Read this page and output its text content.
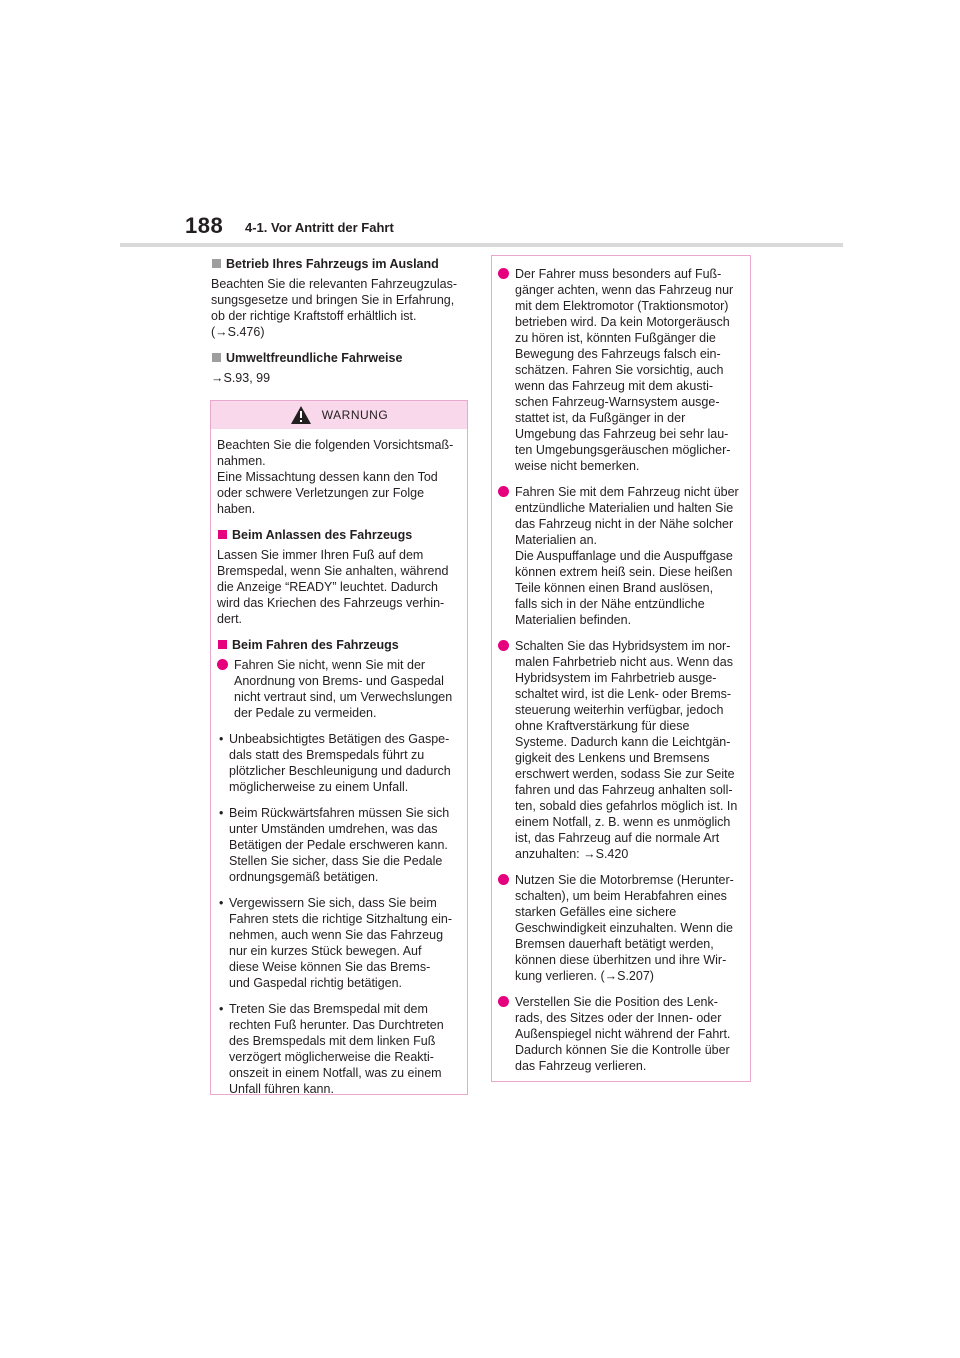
188 4-1. Vor Antritt der Fahrt
Betrieb Ihres Fahrzeugs im Ausland
Beachten Sie die relevanten Fahrzeugzulas-
sungsgesetze und bringen Sie in Erfahrung,
ob der richtige Kraftstoff erhältlich ist.
(→S.476)
Umweltfreundliche Fahrweise
→S.93, 99
WARNUNG
Beachten Sie die folgenden Vorsichtsmaß-
nahmen.
Eine Missachtung dessen kann den Tod
oder schwere Verletzungen zur Folge
haben.
Beim Anlassen des Fahrzeugs
Lassen Sie immer Ihren Fuß auf dem
Bremspedal, wenn Sie anhalten, während
die Anzeige “READY” leuchtet. Dadurch
wird das Kriechen des Fahrzeugs verhin-
dert.
Beim Fahren des Fahrzeugs
Fahren Sie nicht, wenn Sie mit der
Anordnung von Brems- und Gaspedal
nicht vertraut sind, um Verwechslungen
der Pedale zu vermeiden.
• Unbeabsichtigtes Betätigen des Gaspe-
dals statt des Bremspedals führt zu
plötzlicher Beschleunigung und dadurch
möglicherweise zu einem Unfall.
• Beim Rückwärtsfahren müssen Sie sich
unter Umständen umdrehen, was das
Betätigen der Pedale erschweren kann.
Stellen Sie sicher, dass Sie die Pedale
ordnungsgemäß betätigen.
• Vergewissern Sie sich, dass Sie beim
Fahren stets die richtige Sitzhaltung ein-
nehmen, auch wenn Sie das Fahrzeug
nur ein kurzes Stück bewegen. Auf
diese Weise können Sie das Brems-
und Gaspedal richtig betätigen.
• Treten Sie das Bremspedal mit dem
rechten Fuß herunter. Das Durchtreten
des Bremspedals mit dem linken Fuß
verzögert möglicherweise die Reakti-
onszeit in einem Notfall, was zu einem
Unfall führen kann.
Der Fahrer muss besonders auf Fuß-
gänger achten, wenn das Fahrzeug nur
mit dem Elektromotor (Traktionsmotor)
betrieben wird. Da kein Motorgeräusch
zu hören ist, könnten Fußgänger die
Bewegung des Fahrzeugs falsch ein-
schätzen. Fahren Sie vorsichtig, auch
wenn das Fahrzeug mit dem akusti-
schen Fahrzeug-Warnsystem ausge-
stattet ist, da Fußgänger in der
Umgebung das Fahrzeug bei sehr lau-
ten Umgebungsgeräuschen möglicher-
weise nicht bemerken.
Fahren Sie mit dem Fahrzeug nicht über
entzündliche Materialien und halten Sie
das Fahrzeug nicht in der Nähe solcher
Materialien an.
Die Auspuffanlage und die Auspuffgase
können extrem heiß sein. Diese heißen
Teile können einen Brand auslösen,
falls sich in der Nähe entzündliche
Materialien befinden.
Schalten Sie das Hybridsystem im nor-
malen Fahrbetrieb nicht aus. Wenn das
Hybridsystem im Fahrbetrieb ausge-
schaltet wird, ist die Lenk- oder Brems-
steuerung weiterhin verfügbar, jedoch
ohne Kraftverstärkung für diese
Systeme. Dadurch kann die Leichtgän-
gigkeit des Lenkens und Bremsens
erschwert werden, sodass Sie zur Seite
fahren und das Fahrzeug anhalten soll-
ten, sobald dies gefahrlos möglich ist. In
einem Notfall, z. B. wenn es unmöglich
ist, das Fahrzeug auf die normale Art
anzuhalten: →S.420
Nutzen Sie die Motorbremse (Herunter-
schalten), um beim Herabfahren eines
starken Gefälles eine sichere
Geschwindigkeit einzuhalten. Wenn die
Bremsen dauerhaft betätigt werden,
können diese überhitzen und ihre Wir-
kung verlieren. (→S.207)
Verstellen Sie die Position des Lenk-
rads, des Sitzes oder der Innen- oder
Außenspiegel nicht während der Fahrt.
Dadurch können Sie die Kontrolle über
das Fahrzeug verlieren.
